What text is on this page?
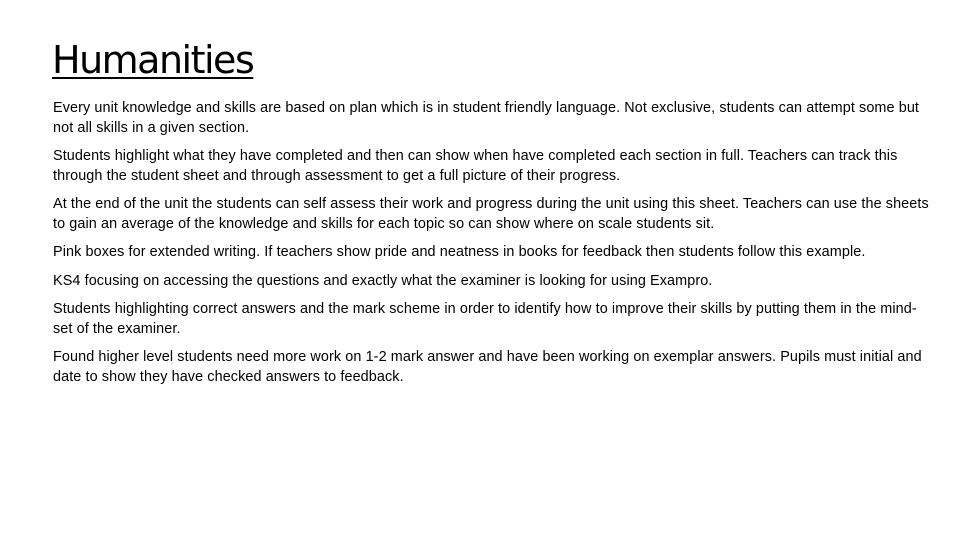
Humanities

Every unit knowledge and skills are based on plan which is in student friendly language. Not exclusive, students can attempt some but not all skills in a given section.

Students highlight what they have completed and then can show when have completed each section in full. Teachers can track this through the student sheet and through assessment to get a full picture of their progress.

At the end of the unit the students can self assess their work and progress during the unit using this sheet. Teachers can use the sheets to gain an average of the knowledge and skills for each topic so can show where on scale students sit.

Pink boxes for extended writing. If teachers show pride and neatness in books for feedback then students follow this example.

KS4 focusing on accessing the questions and exactly what the examiner is looking for using Exampro.

Students highlighting correct answers and the mark scheme in order to identify how to improve their skills by putting them in the mind-set of the examiner.

Found higher level students need more work on 1-2 mark answer and have been working on exemplar answers. Pupils must initial and date to show they have checked answers to feedback.
